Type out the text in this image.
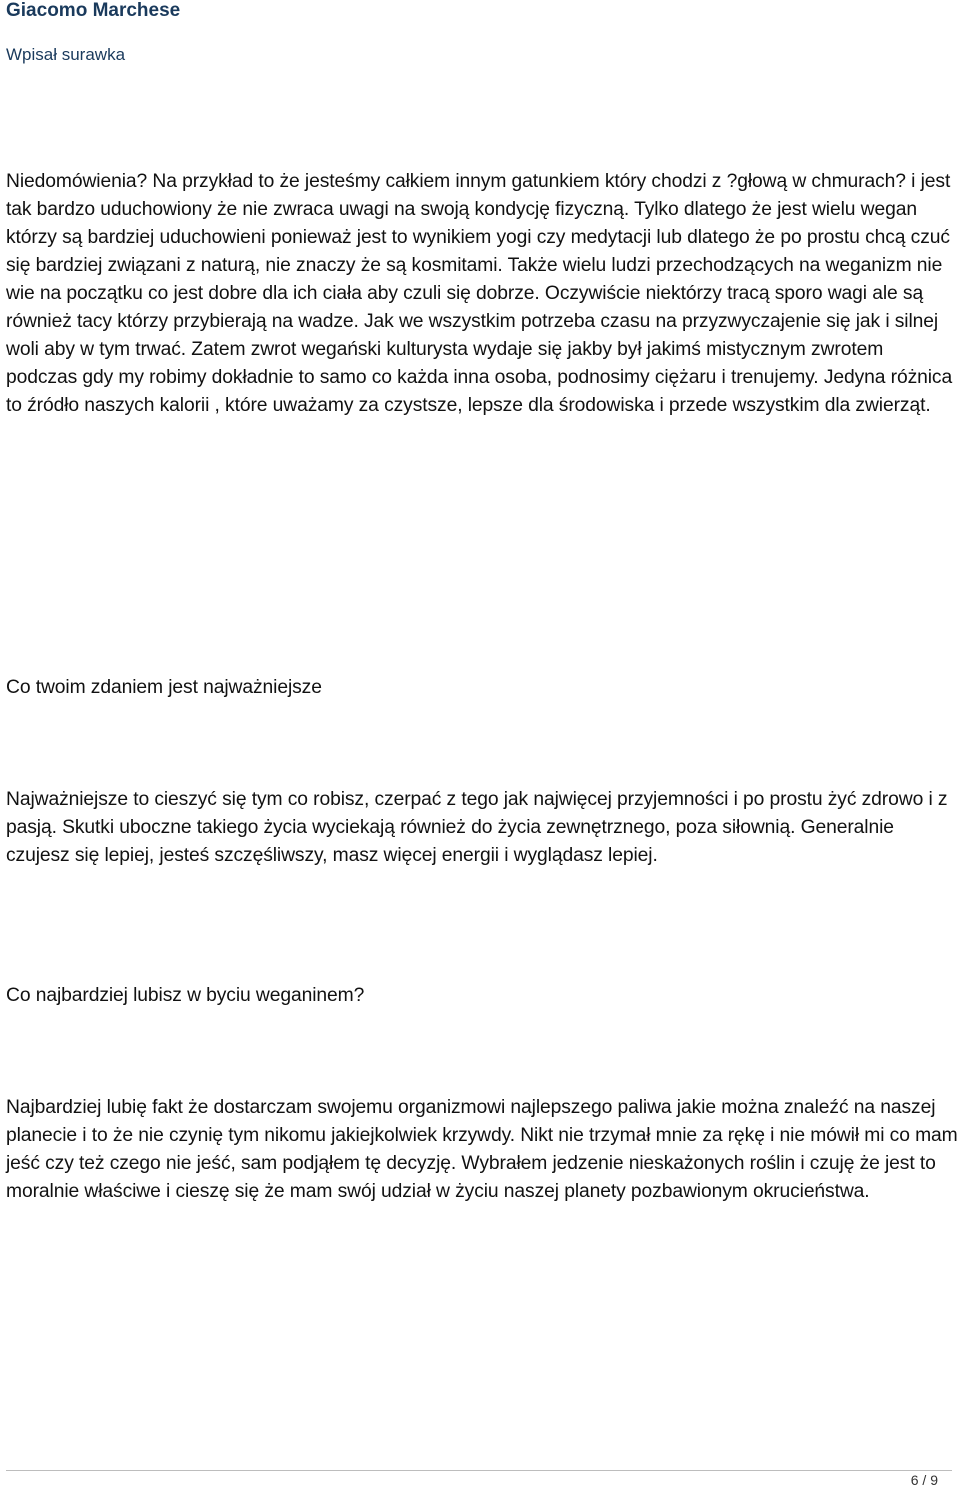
Giacomo Marchese
Wpisał surawka

Niedomówienia? Na przykład to że jesteśmy całkiem innym gatunkiem który chodzi z ?głową w chmurach? i jest tak bardzo uduchowiony że nie zwraca uwagi na swoją kondycję fizyczną. Tylko dlatego że jest wielu wegan którzy są bardziej uduchowieni ponieważ jest to wynikiem yogi czy medytacji lub dlatego że po prostu chcą czuć się bardziej związani z naturą, nie znaczy że są kosmitami. Także wielu ludzi przechodzących na weganizm nie wie na początku co jest dobre dla ich ciała aby czuli się dobrze. Oczywiście niektórzy tracą sporo wagi ale są również tacy którzy przybierają na wadze. Jak we wszystkim potrzeba czasu na przyzwyczajenie się jak i silnej woli aby w tym trwać. Zatem zwrot wegański kulturysta wydaje się jakby był jakimś mistycznym zwrotem podczas gdy my robimy dokładnie to samo co każda inna osoba, podnosimy ciężaru i trenujemy. Jedyna różnica to źródło naszych kalorii , które uważamy za czystsze, lepsze dla środowiska i przede wszystkim dla zwierząt.

Co twoim zdaniem jest najważniejsze

Najważniejsze to cieszyć się tym co robisz, czerpać z tego jak najwięcej przyjemności i po prostu żyć zdrowo i z pasją. Skutki uboczne takiego życia wyciekają również do życia zewnętrznego, poza siłownią. Generalnie czujesz się lepiej, jesteś szczęśliwszy, masz więcej energii i wyglądasz lepiej.

Co najbardziej lubisz w byciu weganinem?

Najbardziej lubię fakt że dostarczam swojemu organizmowi najlepszego paliwa jakie można znaleźć na naszej planecie i to że nie czynię tym nikomu jakiejkolwiek krzywdy. Nikt nie trzymał mnie za rękę i nie mówił mi co mam jeść czy też czego nie jeść, sam podjąłem tę decyzję. Wybrałem jedzenie nieskażonych roślin i czuję że jest to moralnie właściwe i cieszę się że mam swój udział w życiu naszej planety pozbawionym okrucieństwa.

6 / 9
